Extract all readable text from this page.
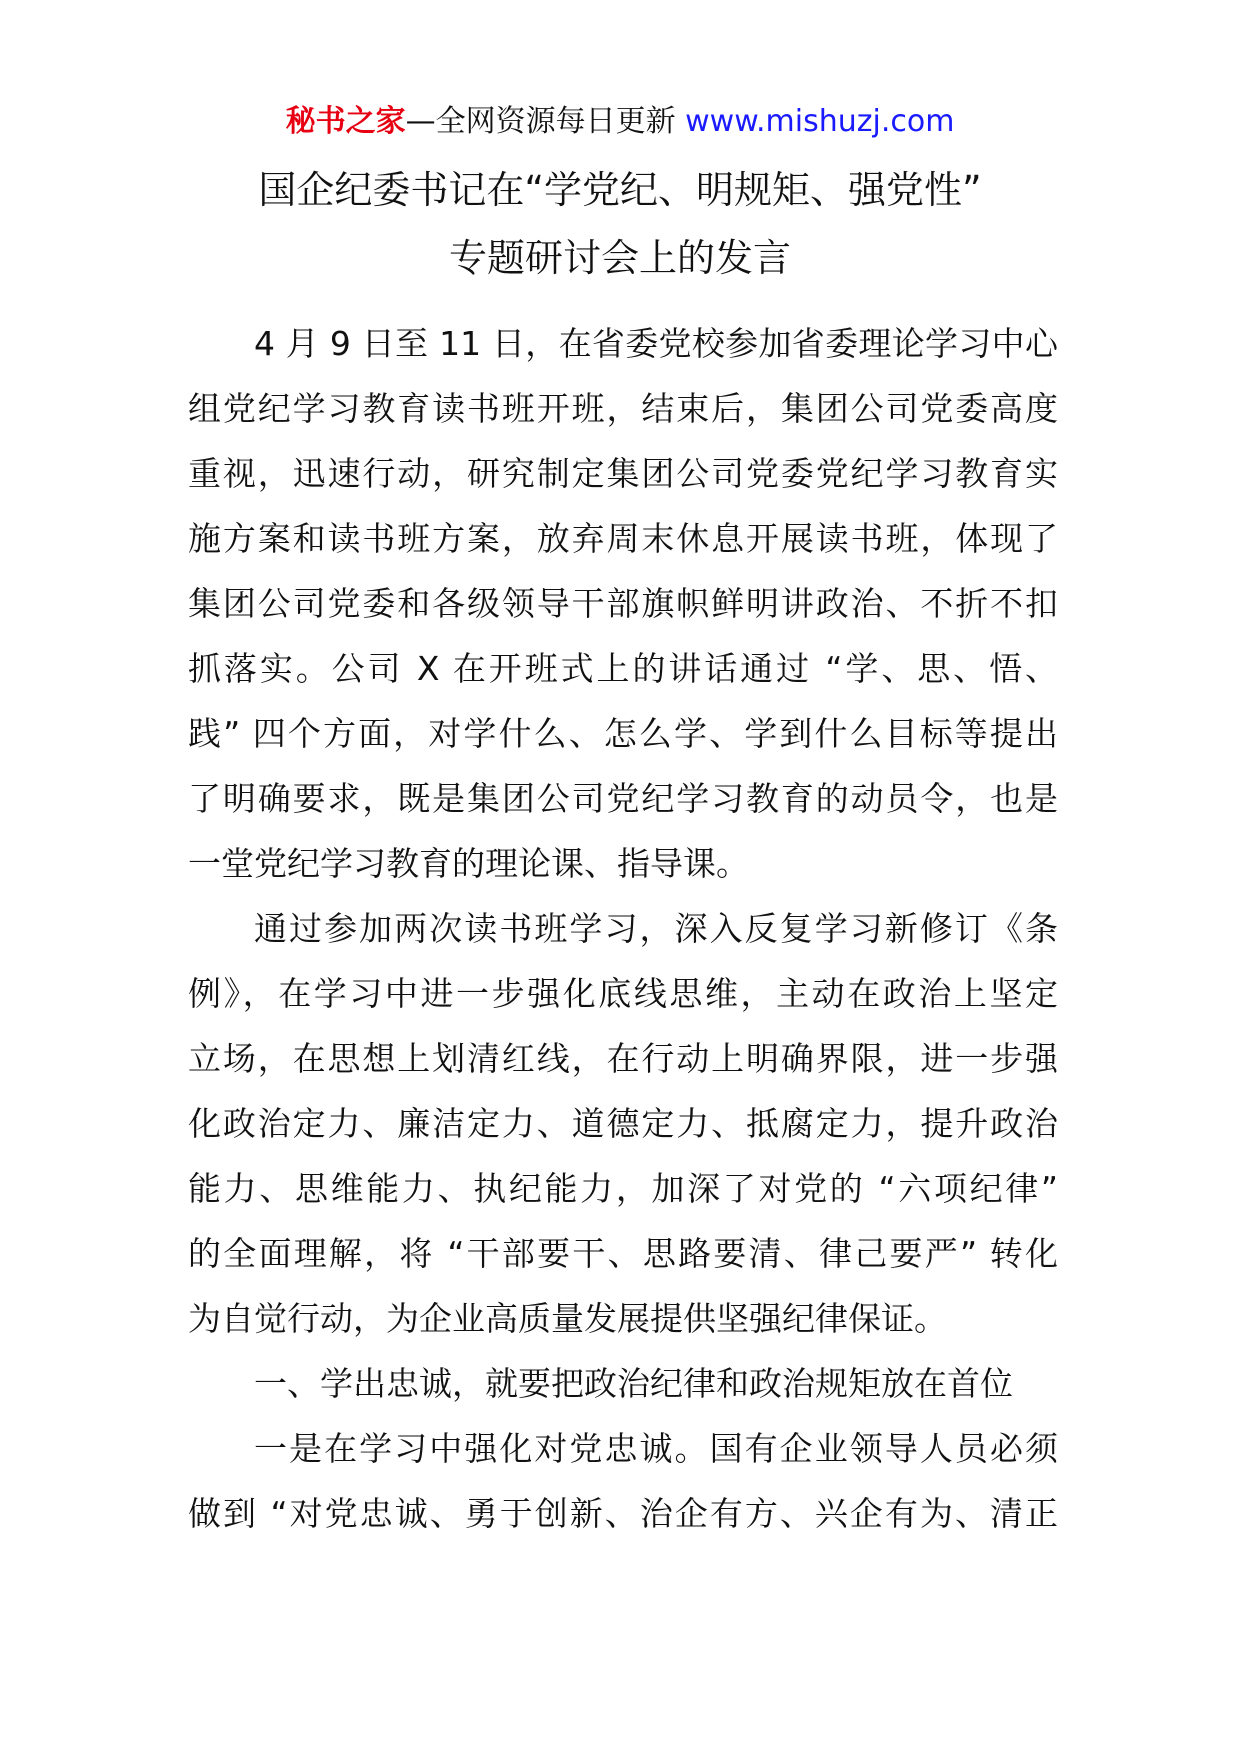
秘书之家—全网资源每日更新 www.mishuzj.com
国企纪委书记在“学党纪、明规矩、强党性”
专题研讨会上的发言
4 月 9 日至 11 日，在省委党校参加省委理论学习中心
组党纪学习教育读书班开班，结束后，集团公司党委高度
重视，迅速行动，研究制定集团公司党委党纪学习教育实
施方案和读书班方案，放弃周末休息开展读书班，体现了
集团公司党委和各级领导干部旗帜鲜明讲政治、不折不扣
抓落实。公司 X 在开班式上的讲话通过 “学、思、悟、
践” 四个方面，对学什么、怎么学、学到什么目标等提出
了明确要求，既是集团公司党纪学习教育的动员令，也是
一堂党纪学习教育的理论课、指导课。
通过参加两次读书班学习，深入反复学习新修订《条
例》，在学习中进一步强化底线思维，主动在政治上坚定
立场，在思想上划清红线，在行动上明确界限，进一步强
化政治定力、廉洁定力、道德定力、抵腐定力，提升政治
能力、思维能力、执纪能力，加深了对党的 “六项纪律”
的全面理解，将 “干部要干、思路要清、律己要严” 转化
为自觉行动，为企业高质量发展提供坚强纪律保证。
一、学出忠诚，就要把政治纪律和政治规矩放在首位
一是在学习中强化对党忠诚。国有企业领导人员必须
做到 “对党忠诚、勇于创新、治企有方、兴企有为、清正
